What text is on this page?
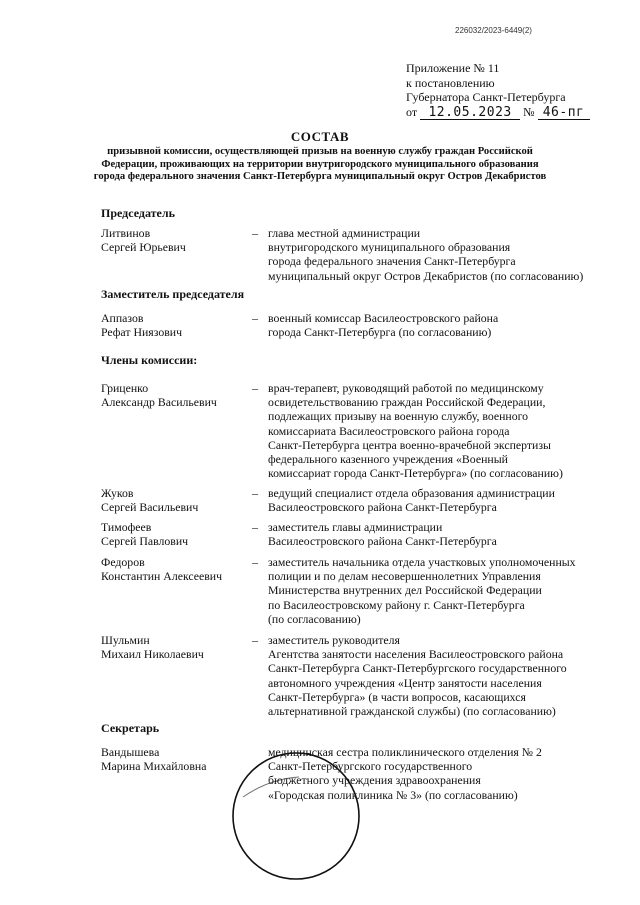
226032/2023-6449(2)
Приложение № 11
к постановлению
Губернатора Санкт-Петербурга
от 12.05.2023 № 46-пг
СОСТАВ
призывной комиссии, осуществляющей призыв на военную службу граждан Российской Федерации, проживающих на территории внутригородского муниципального образования города федерального значения Санкт-Петербурга муниципальный округ Остров Декабристов
Председатель
Литвинов
Сергей Юрьевич
– глава местной администрации
внутригородского муниципального образования
города федерального значения Санкт-Петербурга
муниципальный округ Остров Декабристов (по согласованию)
Заместитель председателя
Аппазов
Рефат Ниязович
– военный комиссар Василеостровского района
города Санкт-Петербурга (по согласованию)
Члены комиссии:
Гриценко
Александр Васильевич
– врач-терапевт, руководящий работой по медицинскому
освидетельствованию граждан Российской Федерации,
подлежащих призыву на военную службу, военного
комиссариата Василеостровского района города
Санкт-Петербурга центра военно-врачебной экспертизы
федерального казенного учреждения «Военный
комиссариат города Санкт-Петербурга» (по согласованию)
Жуков
Сергей Васильевич
– ведущий специалист отдела образования администрации
Василеостровского района Санкт-Петербурга
Тимофеев
Сергей Павлович
– заместитель главы администрации
Василеостровского района Санкт-Петербурга
Федоров
Константин Алексеевич
– заместитель начальника отдела участковых уполномоченных
полиции и по делам несовершеннолетних Управления
Министерства внутренних дел Российской Федерации
по Василеостровскому району г. Санкт-Петербурга
(по согласованию)
Шульмин
Михаил Николаевич
– заместитель руководителя
Агентства занятости населения Василеостровского района
Санкт-Петербурга Санкт-Петербургского государственного
автономного учреждения «Центр занятости населения
Санкт-Петербурга» (в части вопросов, касающихся
альтернативной гражданской службы) (по согласованию)
Секретарь
Вандышева
Марина Михайловна
медицинская сестра поликлинического отделения № 2
Санкт-Петербургского государственного
бюджетного учреждения здравоохранения
«Городская поликлиника № 3» (по согласованию)
